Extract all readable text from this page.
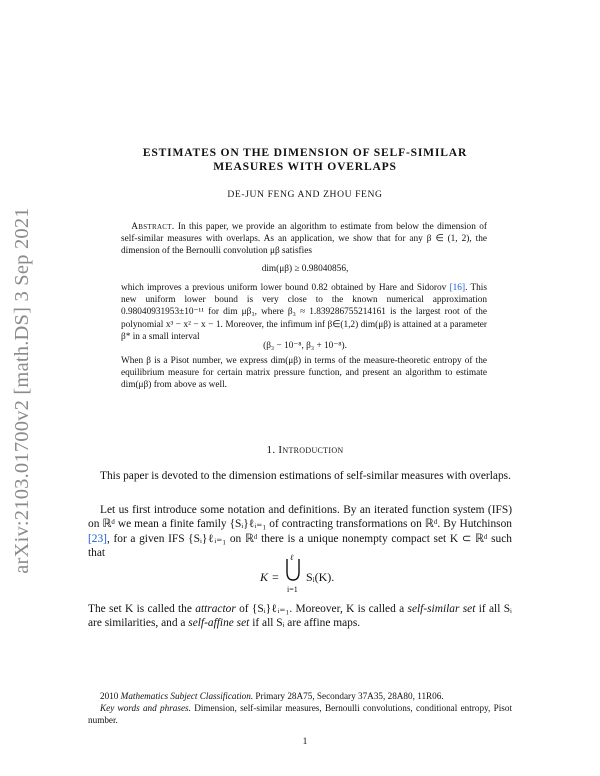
arXiv:2103.01700v2 [math.DS] 3 Sep 2021
ESTIMATES ON THE DIMENSION OF SELF-SIMILAR
MEASURES WITH OVERLAPS
DE-JUN FENG AND ZHOU FENG

Abstract. In this paper, we provide an algorithm to estimate from below the dimension of self-similar measures with overlaps. As an application, we show that for any β ∈ (1, 2), the dimension of the Bernoulli convolution μβ satisfies

dim(μβ) ≥ 0.98040856,

which improves a previous uniform lower bound 0.82 obtained by Hare and Sidorov [16]. This new uniform lower bound is very close to the known numerical approximation 0.98040931953±10⁻¹¹ for dim μβ₃, where β₃ ≈ 1.839286755214161 is the largest root of the polynomial x³ − x² − x − 1. Moreover, the infimum inf β∈(1,2) dim(μβ) is attained at a parameter β* in a small interval

(β₃ − 10⁻⁸, β₃ + 10⁻⁸).

When β is a Pisot number, we express dim(μβ) in terms of the measure-theoretic entropy of the equilibrium measure for certain matrix pressure function, and present an algorithm to estimate dim(μβ) from above as well.

1. Introduction

This paper is devoted to the dimension estimations of self-similar measures with overlaps.

Let us first introduce some notation and definitions. By an iterated function system (IFS) on ℝᵈ we mean a finite family {Sᵢ}ℓᵢ₌₁ of contracting transformations on ℝᵈ. By Hutchinson [23], for a given IFS {Sᵢ}ℓᵢ₌₁ on ℝᵈ there is a unique nonempty compact set K ⊂ ℝᵈ such that

K =
ℓ
i=1
Sᵢ(K).

The set K is called the attractor of {Sᵢ}ℓᵢ₌₁. Moreover, K is called a self-similar set if all Sᵢ are similarities, and a self-affine set if all Sᵢ are affine maps.

2010 Mathematics Subject Classification. Primary 28A75, Secondary 37A35, 28A80, 11R06.

Key words and phrases. Dimension, self-similar measures, Bernoulli convolutions, conditional entropy, Pisot number.

1
